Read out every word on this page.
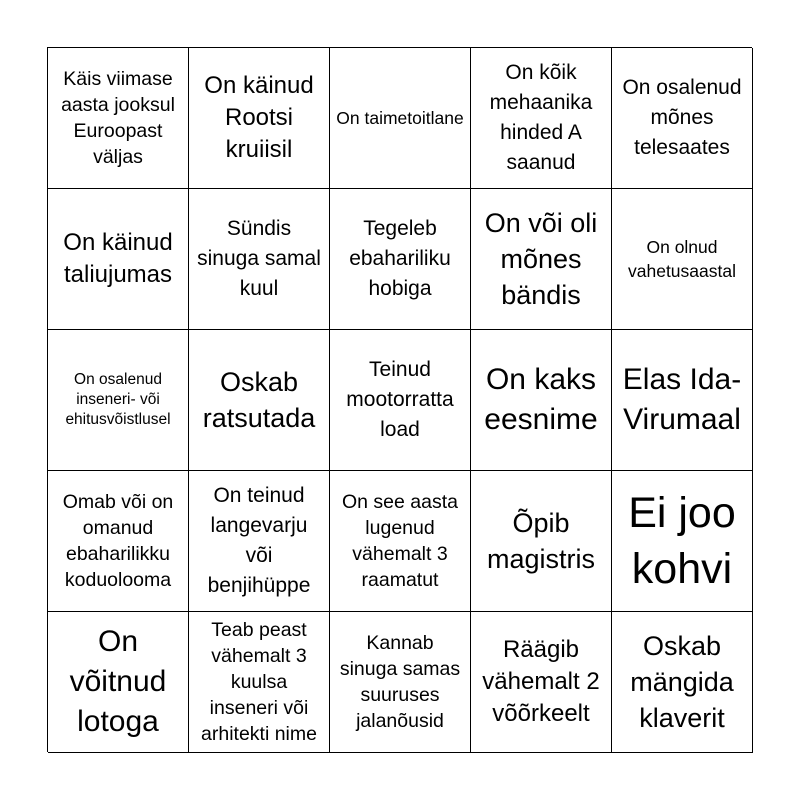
Käis viimase aasta jooksul Euroopast väljas
On käinud Rootsi kruiisil
On taimetoitlane
On kõik mehaanika hinded A saanud
On osalenud mõnes telesaates
On käinud taliujumas
Sündis sinuga samal kuul
Tegeleb ebahariliku hobiga
On või oli mõnes bändis
On olnud vahetusaastal
On osalenud inseneri- või ehitusvõistlusel
Oskab ratsutada
Teinud mootorratta load
On kaks eesnime
Elas Ida-Virumaal
Omab või on omanud ebaharilikku koduolooma
On teinud langevarju või benjihüppe
On see aasta lugenud vähemalt 3 raamatut
Õpib magistris
Ei joo kohvi
On võitnud lotoga
Teab peast vähemalt 3 kuulsa inseneri või arhitekti nime
Kannab sinuga samas suuruses jalanõusid
Räägib vähemalt 2 võõrkeelt
Oskab mängida klaverit
